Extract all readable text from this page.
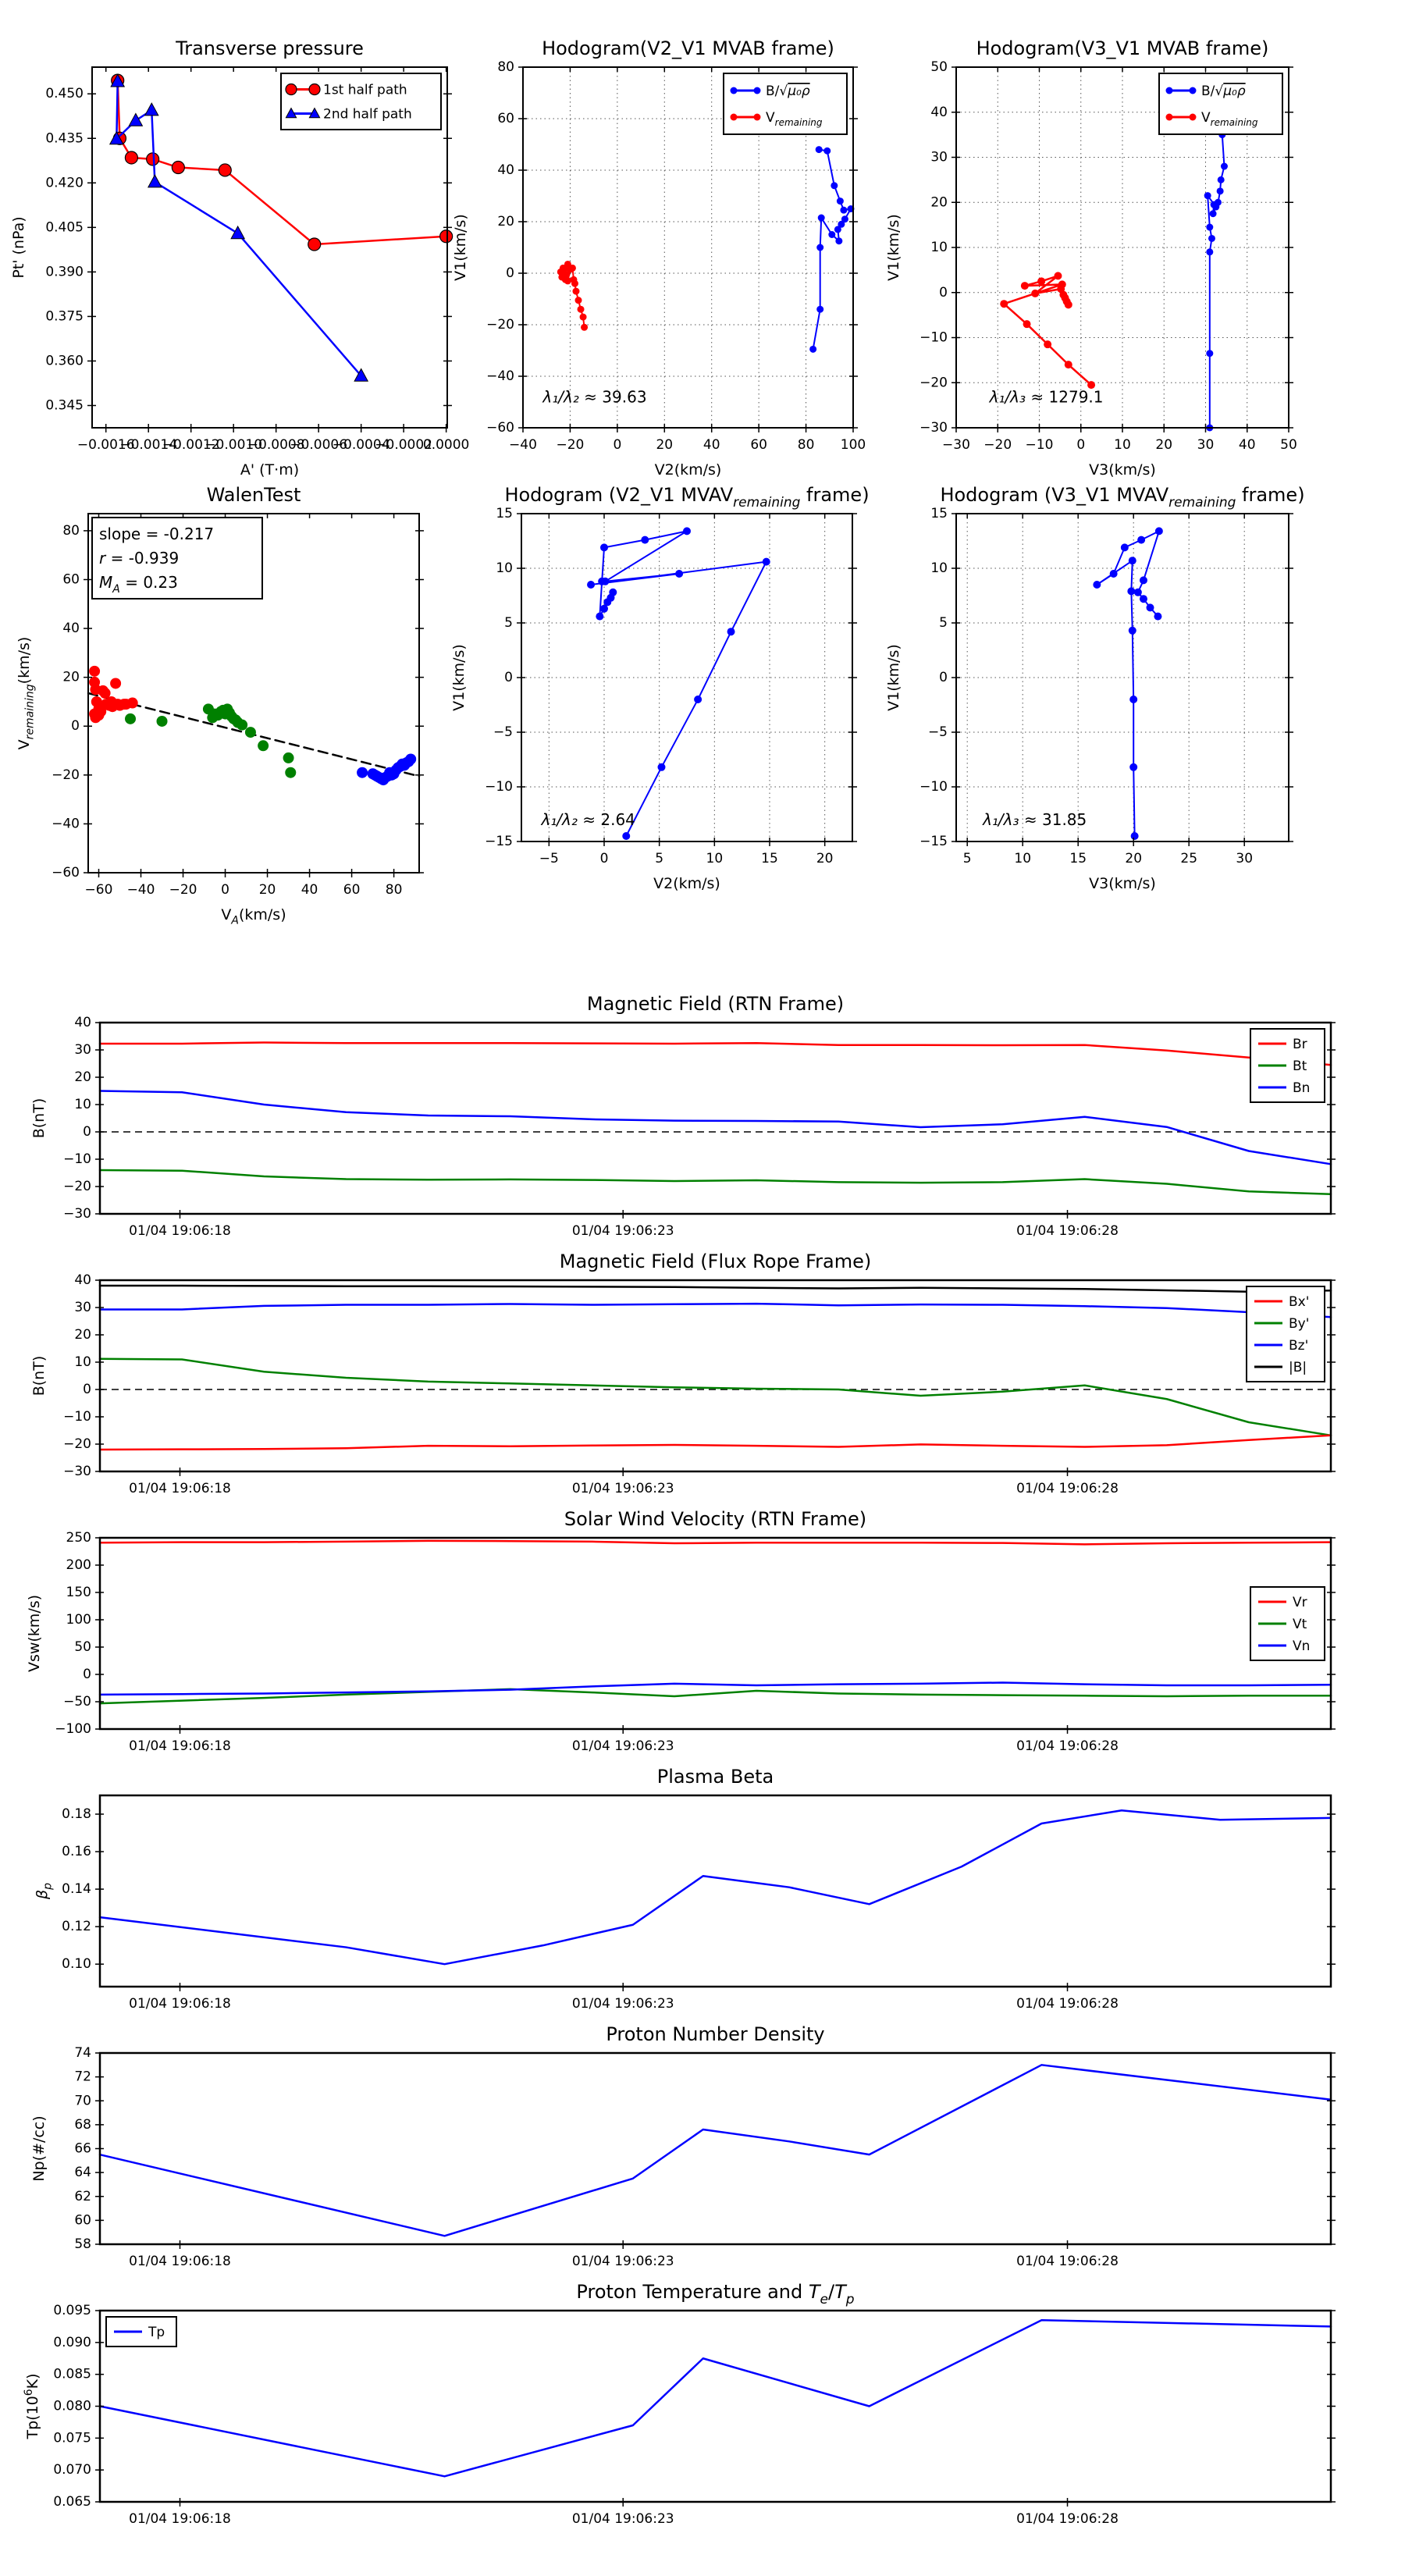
−0.0016
−0.0014
−0.0012
−0.0010
−0.0008
−0.0006
−0.0004
−0.0002
0.0000
0.345
0.360
0.375
0.390
0.405
0.420
0.435
0.450
Transverse pressure
A' (T·m)
Pt' (nPa)
1st half path
2nd half path
−40 −20 0	20 40 60 80 100
−60
−40
−20
0
20
40
60
80
Hodogram(V2_V1 MVAB frame)
V2(km/s)
V1(km/s)
λ₁/λ₂ ≈ 39.63
B/√μ₀ρ
$V_{remaining}$
−30 −20 −10 0 10 20 30 40 50
−30
−20
−10
0
10
20
30
40
50
Hodogram(V3_V1 MVAB frame)
V3(km/s)
V1(km/s)
λ₁/λ₃ ≈ 1279.1
B/√μ₀ρ
$V_{remaining}$
−60 −40 −20 0 20 40 60 80
−60
−40
−20
0
20
40
60
80
WalenTest
$V_A(km/s)$
$V_{remaining}(km/s)$
slope = -0.217
r = -0.939
$M_A = 0.23$
−5	0	5	10	15	20
−15
−10
−5
0
5
10
15
Hodogram (V2_V1 $MVAV_{remaining}$ frame)
V2(km/s)
V1(km/s)
λ₁/λ₂ ≈ 2.64
5	10	15	20	25	30
−15
−10
−5
0
5
10
15
Hodogram (V3_V1 $MVAV_{remaining}$ frame)
V3(km/s)
V1(km/s)
λ₁/λ₃ ≈ 31.85
01/04 19:06:18	01/04 19:06:23	01/04 19:06:28
−30
−20
−10
0
10
20
30
40
Magnetic Field (RTN Frame)
B(nT)
Br
Bt
Bn
01/04 19:06:18	01/04 19:06:23	01/04 19:06:28
−30
−20
−10
0
10
20
30
40
Magnetic Field (Flux Rope Frame)
B(nT)
Bx'
By'
Bz'
|B|
01/04 19:06:18	01/04 19:06:23	01/04 19:06:28
−100
−50
0
50
100
150
200
250
Solar Wind Velocity (RTN Frame)
Vsw(km/s)	Vr
Vt
Vn
01/04 19:06:18	01/04 19:06:23	01/04 19:06:28
0.10
0.12
0.14
0.16
0.18
Plasma Beta
$\beta_p$
01/04 19:06:18	01/04 19:06:23	01/04 19:06:28
58
60
62
64
66
68
70
72
74
Proton Number Density
Np(#/cc)
01/04 19:06:18	01/04 19:06:23	01/04 19:06:28
0.065
0.070
0.075
0.080
0.085
0.090
0.095
Proton Temperature and $T_e/T_p$
$Tp(10^6K)$
Tp
